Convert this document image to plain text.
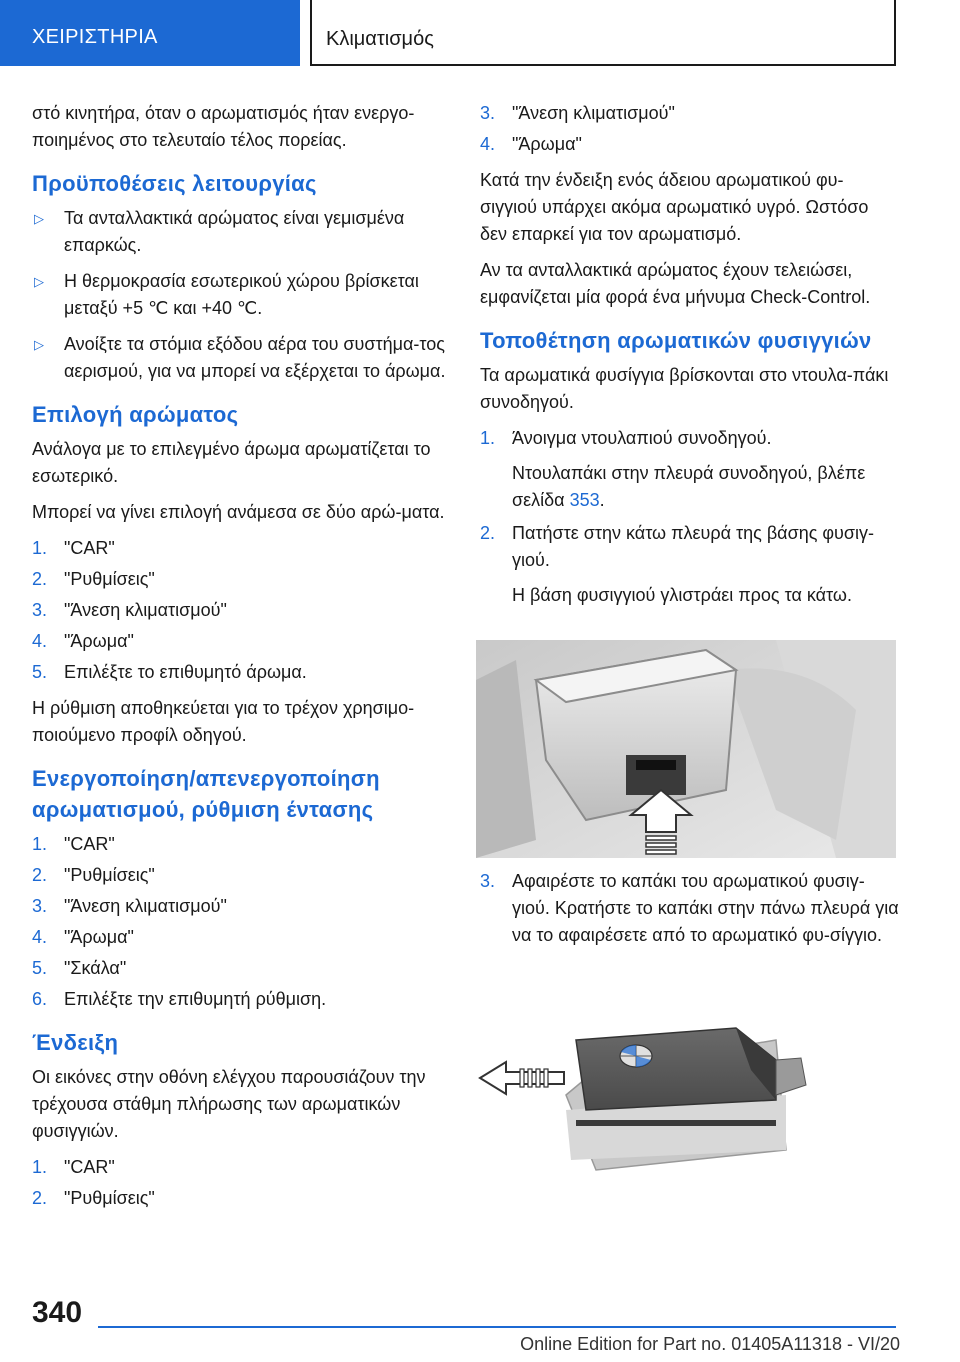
ΧΕΙΡΙΣΤΗΡΙΑ	Κλιματισμός

στό κινητήρα, όταν ο αρωματισμός ήταν ενεργο‐ποιημένος στο τελευταίο τέλος πορείας.

Προϋποθέσεις λειτουργίας
▷ Τα ανταλλακτικά αρώματος είναι γεμισμένα επαρκώς.
▷ Η θερμοκρασία εσωτερικού χώρου βρίσκεται μεταξύ +5 ℃ και +40 ℃.
▷ Ανοίξτε τα στόμια εξόδου αέρα του συστήμα‐τος αερισμού, για να μπορεί να εξέρχεται το άρωμα.
Επιλογή αρώματος

Ανάλογα με το επιλεγμένο άρωμα αρωματίζεται το εσωτερικό.

Μπορεί να γίνει επιλογή ανάμεσα σε δύο αρώ‐ματα.

1. "CAR"
2. "Ρυθμίσεις"
3. "Άνεση κλιματισμού"
4. "Άρωμα"
5. Επιλέξτε το επιθυμητό άρωμα.

Η ρύθμιση αποθηκεύεται για το τρέχον χρησιμο‐ποιούμενο προφίλ οδηγού.

Ενεργοποίηση/απενεργοποίηση αρωματισμού, ρύθμιση έντασης
1. "CAR"
2. "Ρυθμίσεις"
3. "Άνεση κλιματισμού"
4. "Άρωμα"
5. "Σκάλα"
6. Επιλέξτε την επιθυμητή ρύθμιση.
Ένδειξη

Οι εικόνες στην οθόνη ελέγχου παρουσιάζουν την τρέχουσα στάθμη πλήρωσης των αρωματικών φυσιγγιών.

1. "CAR"
2. "Ρυθμίσεις"
3. "Άνεση κλιματισμού"
4. "Άρωμα"

Κατά την ένδειξη ενός άδειου αρωματικού φυ‐σιγγιού υπάρχει ακόμα αρωματικό υγρό. Ωστόσο δεν επαρκεί για τον αρωματισμό.

Αν τα ανταλλακτικά αρώματος έχουν τελειώσει, εμφανίζεται μία φορά ένα μήνυμα Check-Control.

Τοποθέτηση αρωματικών φυσιγγιών

Τα αρωματικά φυσίγγια βρίσκονται στο ντουλα‐πάκι συνοδηγού.

1. Άνοιγμα ντουλαπιού συνοδηγού.
Ντουλαπάκι στην πλευρά συνοδηγού, βλέπε σελίδα 353.
2. Πατήστε στην κάτω πλευρά της βάσης φυσιγ‐γιού.
Η βάση φυσιγγιού γλιστράει προς τα κάτω.
3. Αφαιρέστε το καπάκι του αρωματικού φυσιγ‐γιού. Κρατήστε το καπάκι στην πάνω πλευρά για να το αφαιρέσετε από το αρωματικό φυ‐σίγγιο.
340
Online Edition for Part no. 01405A11318 - VI/20
